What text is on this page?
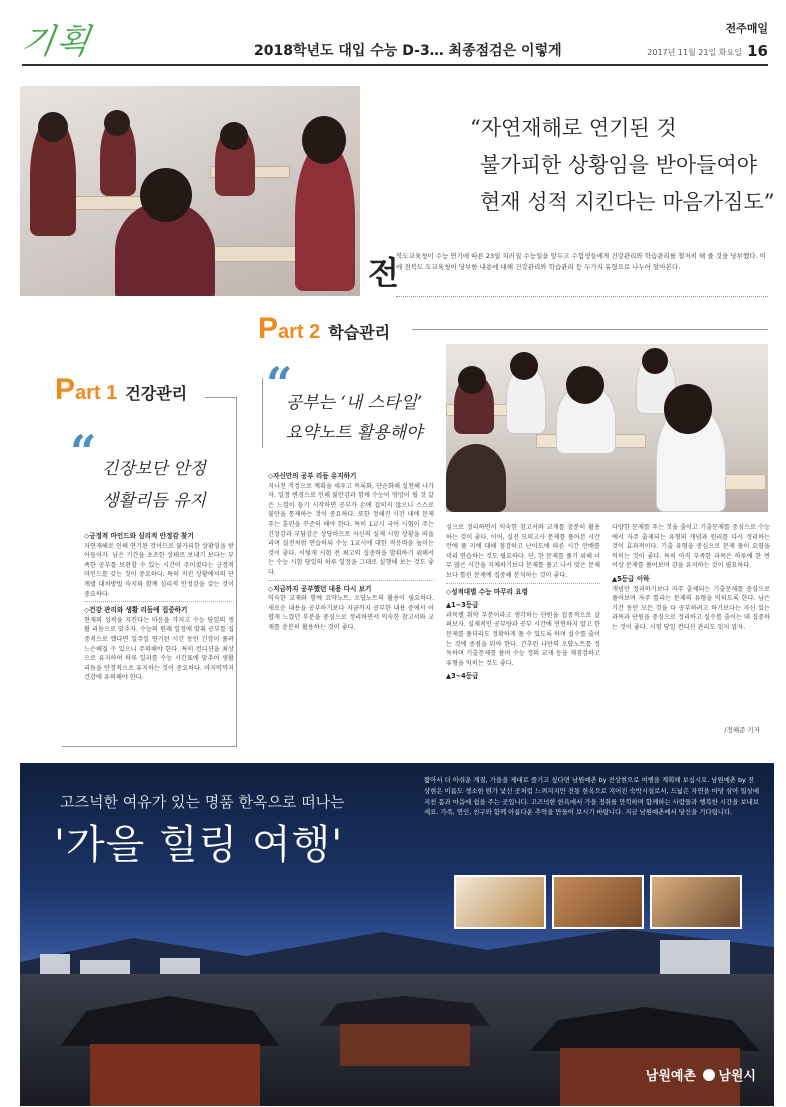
기획	2018학년도 대입 수능 D-3… 최종점검은 이렇게
전주매일
2017년 11월 21일 화요일 16
“자연재해로 연기된 것
불가피한 상황임을 받아들여야
현재 성적 지킨다는 마음가짐도”
전
북도교육청이 수능 연기에 따른 23일 치러질 수능일을 앞두고 수험생들에게 건강관리와 학습관리를 철저히 해 줄 것을 당부했다. 이에 전북도 도교육청이 당부한 내용에 대해 건강관리와 학습관리 등 두가지 유형으로 나누어 알아본다.
Part 2 학습관리
Part 1 건강관리
“ 긴장보단 안정
생활리듬 유지
“
공부는 ‘내 스타일’
요약노트 활용해야
◇긍정적 마인드와 심리적 안정감 찾기
자연재해로 인해 연기된 것이므로 불가피한 상황임을 받아들이자. 남은 기간을 초조한 상태로 보내기 보다는 부족한 공부를 보완할 수 있는 시간이 주어졌다는 긍정적 마인드를 갖는 것이 중요하다. 특히 지진 상황에서의 단계별 대처방법 숙지와 함께 심리적 안정감을 갖는 것이 중요하다.
◇건강 관리와 생활 리듬에 집중하기
현재의 성적을 지킨다는 마음을 가지고 수능 당일의 생활 리듬으로 맞추자. 수능의 원래 일정에 맞춰 공부를 집중적으로 했다면 일주일 연기된 시간 동안 긴장이 풀려 느슨해질 수 있으니 주의해야 한다. 특히 컨디션을 최상으로 유지하며 하루 일과를 수능 시간표에 맞추어 생활 리듬을 안정적으로 유지하는 것이 중요하다. 마지막까지 건강에 유의해야 한다.
◇자신만의 공부 리듬 유지하기
지나친 걱정으로 계획을 세우고 목록화, 단순화해 실천해 나가자. 일정 변경으로 인해 불안감과 함께 수능이 엉망이 될 것 같은 느낌이 들기 시작하면 공부가 손에 잡히지 않으니 스스로 불안을 통제하는 것이 중요하다. 또한 정해진 시간 내에 문제 푸는 훈련을 꾸준히 해야 한다. 특히 1교시 국어 시험이 주는 긴장감과 부담감은 상당하므로 자신의 실제 시험 상황을 떠올리며 실전처럼 연습하되 수능 1교시에 대한 적응력을 높이는 것이 좋다. 이렇게 시험 전 최고의 집중력을 발휘하기 위해서는 수능 시험 당일의 하루 일정을 그대로 실행해 보는 것도 좋다.
◇지금까지 공부했던 내용 다시 보기
익숙한 교재와 함께 요약노트, 오답노트의 활용이 필요하다. 새로운 내용을 공부하기보다 지금까지 공부한 내용 중에서 어렵게 느꼈던 부분을 중심으로 정리하면서 익숙한 참고서와 교재를 충분히 활용하는 것이 좋다.
심으로 정리하면서 익숙한 참고서와 교재를 충분히 활용하는 것이 좋다. 이어, 실전 모의고사 문제를 풀어본 시간 안에 풀 지에 대해 점검하고 난이도에 따른 시간 안배를 미리 연습하는 것도 필요하다. 단, 한 문제를 풀기 위해 너무 많은 시간을 지체하기보다 문제를 풀고 나서 맞은 문제보다 틀린 문제에 집중해 분석하는 것이 좋다.
◇성적대별 수능 마무리 요령
▲1~3등급
과목별 취약 부분이라고 생각하는 단원을 집중적으로 살펴보자. 실제적인 공부량과 공부 시간에 연연하지 말고 한 문제를 풀더라도 정확하게 풀 수 있도록 하며 실수를 줄이는 것에 중점을 둬야 한다. 간추린 나만의 오답노트를 정독하며 기출문제를 풀며 수능 정의 교재 등을 재점검하고 유형을 익히는 것도 좋다.
▲3~4등급
다양한 문제를 푸는 것을 줄이고 기출문제를 중심으로 수능에서 자주 출제되는 유형의 개념과 원리를 다시 정리하는 것이 효과적이다. 기출 유형을 중심으로 문제 풀이 요령을 익히는 것이 좋다. 특히 아직 부족한 과목은 하루에 한 번 이상 문제를 풀어보며 감을 유지하는 것이 필요하다.
▲5등급 이하
개념만 정리하기보다 자주 출제되는 기출문제를 중심으로 풀어보며 자주 틀리는 문제의 유형을 익히도록 한다. 남은 기간 동안 모든 것을 다 공부하려고 하기보다는 자신 있는 과목과 단원을 중심으로 정리하고 실수를 줄이는 데 집중하는 것이 좋다. 시험 당일 컨디션 관리도 잊지 말자.
/정해준 기자
고즈넉한 여유가 있는 명품 한옥으로 떠나는
'가을 힐링 여행'
짧아서 더 아쉬운 계절, 가을을 제대로 즐기고 싶다면 남원예촌 by 전상현으로 여행을 계획해 보십시오. 남원예촌 by 전상현은 이름도 생소한 뭔가 낯선 곳처럼 느껴지지만 전통 한옥으로 지어진 숙박시설로서, 드넓은 자연을 마당 삼아 일상에 지친 몸과 마음에 쉼을 주는 곳입니다. 고즈넉한 한옥에서 가을 정취를 만끽하며 함께하는 사람들과 행복한 시간을 보내보세요. 가족, 연인, 친구와 함께 아름다운 추억을 만들어 보시기 바랍니다. 지금 남원예촌에서 당신을 기다립니다.
남원예촌	남원시
